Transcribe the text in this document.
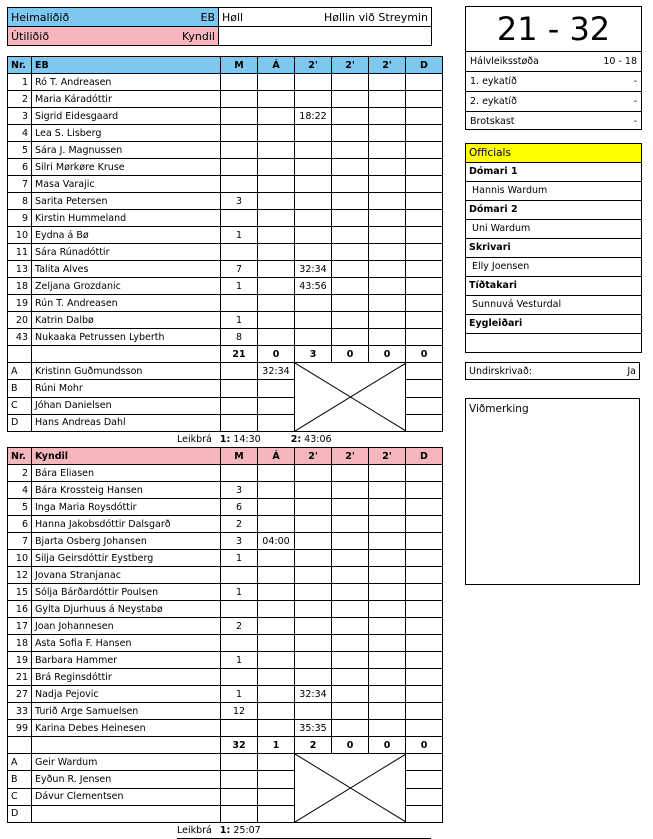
Heimaliðið EB	Høll Høllin við Streymin

Útiliðið Kyndil	
		21 - 32
Hálvleiksstøða	10 - 18
1. eykatíð	-
2. eykatíð	-
Brotskast	-
Officials
Dómari 1
Hannis Wardum
Dómari 2
Uni Wardum
Skrivari
Elly Joensen
Tíðtakari
Sunnuvá Vesturdal
Eygleiðari
Undirskrivað:	Ja
Viðmerking
Nr.	EB	M	Á	2'	2'	2'	D
1	Ró T. Andreasen						
2	Maria Káradóttir						
3	Sigrid Eidesgaard			18:22			
4	Lea S. Lisberg						
5	Sára J. Magnussen						
6	Silri Mørkøre Kruse						
7	Masa Varajic						
8	Sarita Petersen	3					
9	Kirstin Hummeland						
10	Eydna á Bø	1					
11	Sára Rúnadóttir						
13	Talita Alves	7		32:34			
18	Zeljana Grozdanic	1		43:56			
19	Rún T. Andreasen						
20	Katrin Dalbø	1					
43	Nukaaka Petrussen Lyberth	8					
		21	0	3	0	0	0
A	Kristinn Guðmundsson		32:34	

B	Rúni Mohr						
C	Jóhan Danielsen						
D	Hans Andreas Dahl						
Leikbrá 1: 14:30	2: 43:06
Nr.	Kyndil	M	Á	2'	2'	2'	D
2	Bára Eliasen						
4	Bára Krossteig Hansen	3					
5	Inga Maria Roysdóttir	6					
6	Hanna Jakobsdóttir Dalsgarð	2					
7	Bjarta Osberg Johansen	3	04:00				
10	Silja Geirsdóttir Eystberg	1					
12	Jovana Stranjanac						
15	Sólja Bárðardóttir Poulsen	1					
16	Gylta Djurhuus á Neystabø						
17	Joan Johannesen	2					
18	Asta Sofia F. Hansen						
19	Barbara Hammer	1					
21	Brá Reginsdóttir						
27	Nadja Pejovic	1		32:34			
33	Turið Arge Samuelsen	12					
99	Karina Debes Heinesen			35:35			
		32	1	2	0	0	0
A	Geir Wardum			

B	Eyðun R. Jensen						
C	Dávur Clementsen						
D							
Leikbrá 1: 25:07
